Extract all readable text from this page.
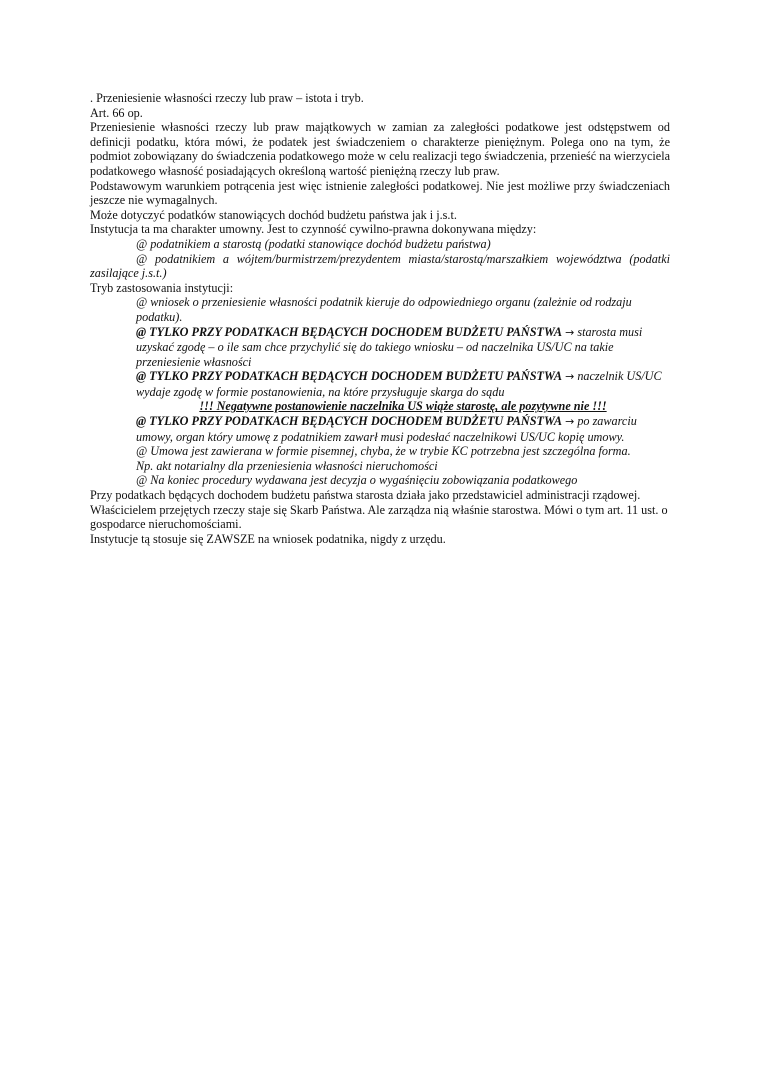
. Przeniesienie własności rzeczy lub praw – istota i tryb.

Art. 66 op.

Przeniesienie własności rzeczy lub praw majątkowych w zamian za zaległości podatkowe jest odstępstwem od definicji podatku, która mówi, że podatek jest świadczeniem o charakterze pieniężnym. Polega ono na tym, że podmiot zobowiązany do świadczenia podatkowego może w celu realizacji tego świadczenia, przenieść na wierzyciela podatkowego własność posiadających określoną wartość pieniężną rzeczy lub praw.

Podstawowym warunkiem potrącenia jest więc istnienie zaległości podatkowej. Nie jest możliwe przy świadczeniach jeszcze nie wymagalnych.

Może dotyczyć podatków stanowiących dochód budżetu państwa jak i j.s.t.

Instytucja ta ma charakter umowny. Jest to czynność cywilno-prawna dokonywana między:

@ podatnikiem a starostą (podatki stanowiące dochód budżetu państwa)

@ podatnikiem a wójtem/burmistrzem/prezydentem miasta/starostą/marszałkiem województwa (podatki zasilające j.s.t.)

Tryb zastosowania instytucji:

@ wniosek o przeniesienie własności podatnik kieruje do odpowiedniego organu (zależnie od rodzaju podatku).

@ TYLKO PRZY PODATKACH BĘDĄCYCH DOCHODEM BUDŻETU PAŃSTWA → starosta musi uzyskać zgodę – o ile sam chce przychylić się do takiego wniosku – od naczelnika US/UC na takie przeniesienie własności

@ TYLKO PRZY PODATKACH BĘDĄCYCH DOCHODEM BUDŻETU PAŃSTWA → naczelnik US/UC wydaje zgodę w formie postanowienia, na które przysługuje skarga do sądu

!!! Negatywne postanowienie naczelnika US wiąże starostę, ale pozytywne nie !!!

@ TYLKO PRZY PODATKACH BĘDĄCYCH DOCHODEM BUDŻETU PAŃSTWA → po zawarciu umowy, organ który umowę z podatnikiem zawarł musi podesłać naczelnikowi US/UC kopię umowy.

@ Umowa jest zawierana w formie pisemnej, chyba, że w trybie KC potrzebna jest szczególna forma.

Np. akt notarialny dla przeniesienia własności nieruchomości

@ Na koniec procedury wydawana jest decyzja o wygaśnięciu zobowiązania podatkowego

Przy podatkach będących dochodem budżetu państwa starosta działa jako przedstawiciel administracji rządowej.

Właścicielem przejętych rzeczy staje się Skarb Państwa. Ale zarządza nią właśnie starostwa. Mówi o tym art. 11 ust. o gospodarce nieruchomościami.

Instytucje tą stosuje się ZAWSZE na wniosek podatnika, nigdy z urzędu.
